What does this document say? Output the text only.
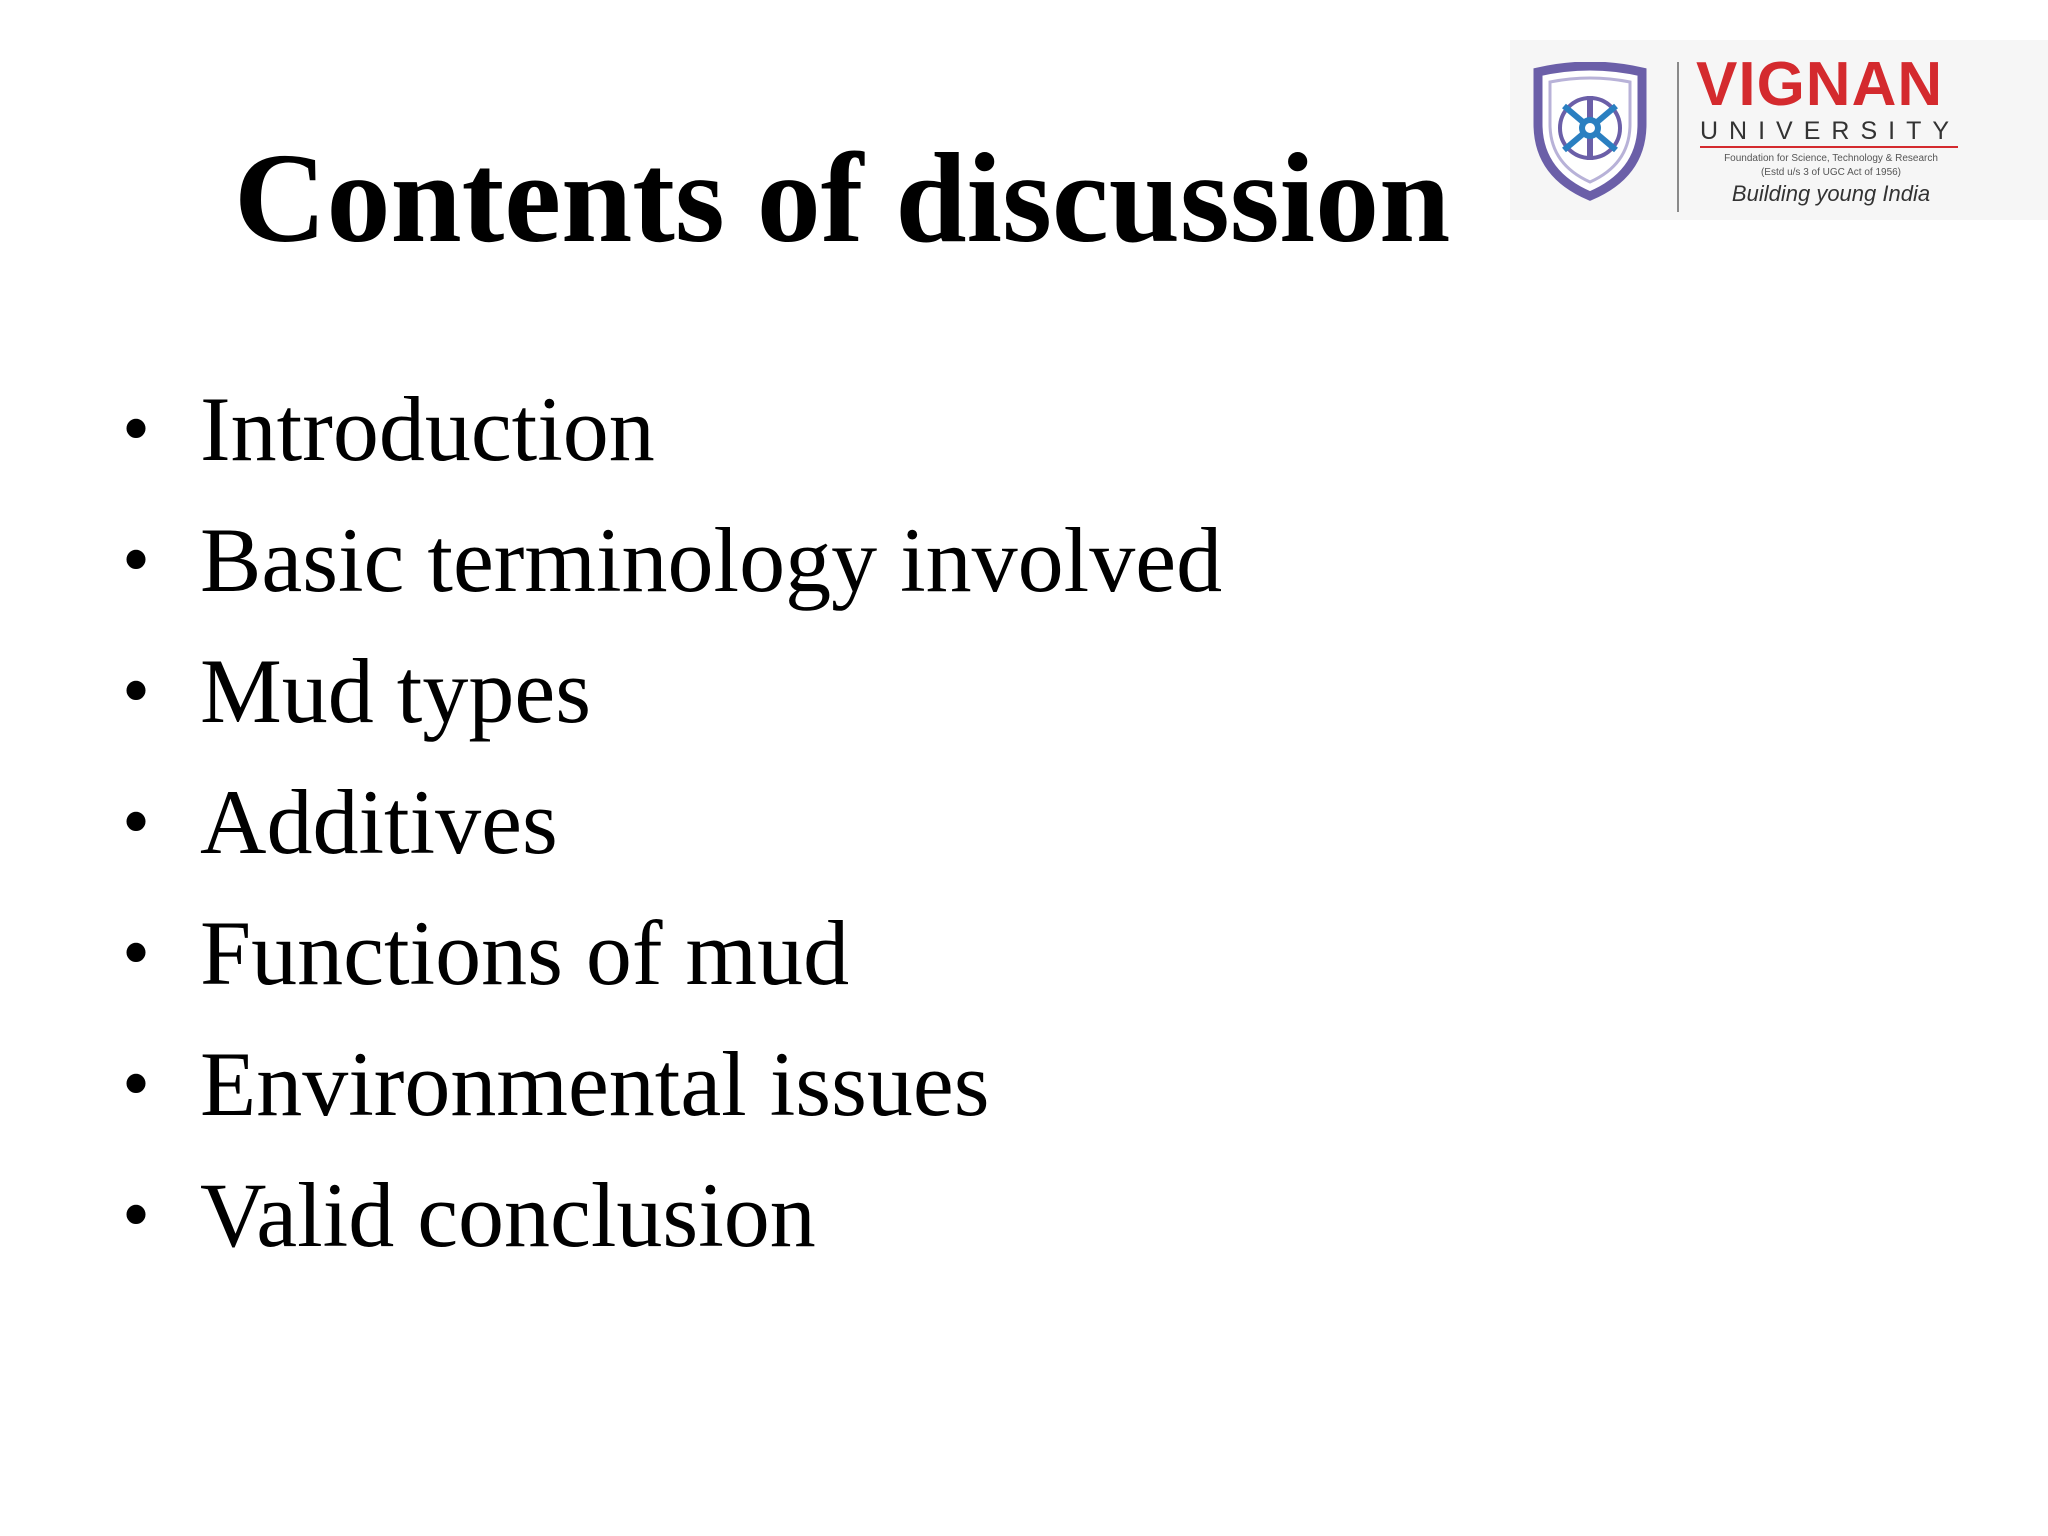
Contents of discussion
• Introduction
• Basic terminology involved
• Mud types
• Additives
• Functions of mud
• Environmental issues
• Valid conclusion
VIGNAN
UNIVERSITY
Foundation for Science, Technology & Research
(Estd u/s 3 of UGC Act of 1956)
Building young India
